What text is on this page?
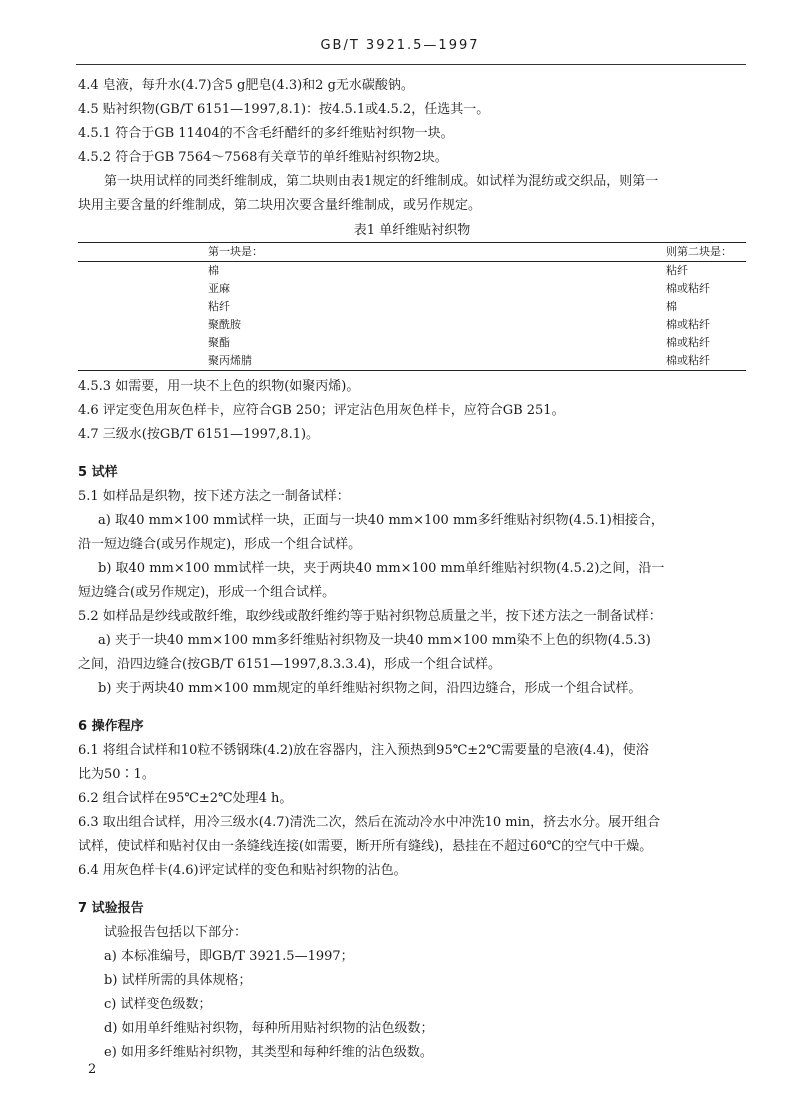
GB/T 3921.5—1997
4.4 皂液，每升水(4.7)含5 g肥皂(4.3)和2 g无水碳酸钠。
4.5 贴衬织物(GB/T 6151—1997,8.1)：按4.5.1或4.5.2，任选其一。
4.5.1 符合于GB 11404的不含毛纤醋纤的多纤维贴衬织物一块。
4.5.2 符合于GB 7564～7568有关章节的单纤维贴衬织物2块。
第一块用试样的同类纤维制成，第二块则由表1规定的纤维制成。如试样为混纺或交织品，则第一
块用主要含量的纤维制成，第二块用次要含量纤维制成，或另作规定。
表1 单纤维贴衬织物
第一块是：	则第二块是：
棉	粘纤
亚麻	棉或粘纤
粘纤	棉
聚酰胺	棉或粘纤
聚酯	棉或粘纤
聚丙烯腈	棉或粘纤
4.5.3 如需要，用一块不上色的织物(如聚丙烯)。
4.6 评定变色用灰色样卡，应符合GB 250；评定沾色用灰色样卡，应符合GB 251。
4.7 三级水(按GB/T 6151—1997,8.1)。
5 试样
5.1 如样品是织物，按下述方法之一制备试样：
a) 取40 mm×100 mm试样一块，正面与一块40 mm×100 mm多纤维贴衬织物(4.5.1)相接合，
沿一短边缝合(或另作规定)，形成一个组合试样。
b) 取40 mm×100 mm试样一块，夹于两块40 mm×100 mm单纤维贴衬织物(4.5.2)之间，沿一
短边缝合(或另作规定)，形成一个组合试样。
5.2 如样品是纱线或散纤维，取纱线或散纤维约等于贴衬织物总质量之半，按下述方法之一制备试样：
a) 夹于一块40 mm×100 mm多纤维贴衬织物及一块40 mm×100 mm染不上色的织物(4.5.3)
之间，沿四边缝合(按GB/T 6151—1997,8.3.3.4)，形成一个组合试样。
b) 夹于两块40 mm×100 mm规定的单纤维贴衬织物之间，沿四边缝合，形成一个组合试样。
6 操作程序
6.1 将组合试样和10粒不锈钢珠(4.2)放在容器内，注入预热到95℃±2℃需要量的皂液(4.4)，使浴
比为50∶1。
6.2 组合试样在95℃±2℃处理4 h。
6.3 取出组合试样，用冷三级水(4.7)清洗二次，然后在流动冷水中冲洗10 min，挤去水分。展开组合
试样，使试样和贴衬仅由一条缝线连接(如需要，断开所有缝线)，悬挂在不超过60℃的空气中干燥。
6.4 用灰色样卡(4.6)评定试样的变色和贴衬织物的沾色。
7 试验报告
试验报告包括以下部分：
a) 本标准编号，即GB/T 3921.5—1997；
b) 试样所需的具体规格；
c) 试样变色级数；
d) 如用单纤维贴衬织物，每种所用贴衬织物的沾色级数；
e) 如用多纤维贴衬织物，其类型和每种纤维的沾色级数。
2
